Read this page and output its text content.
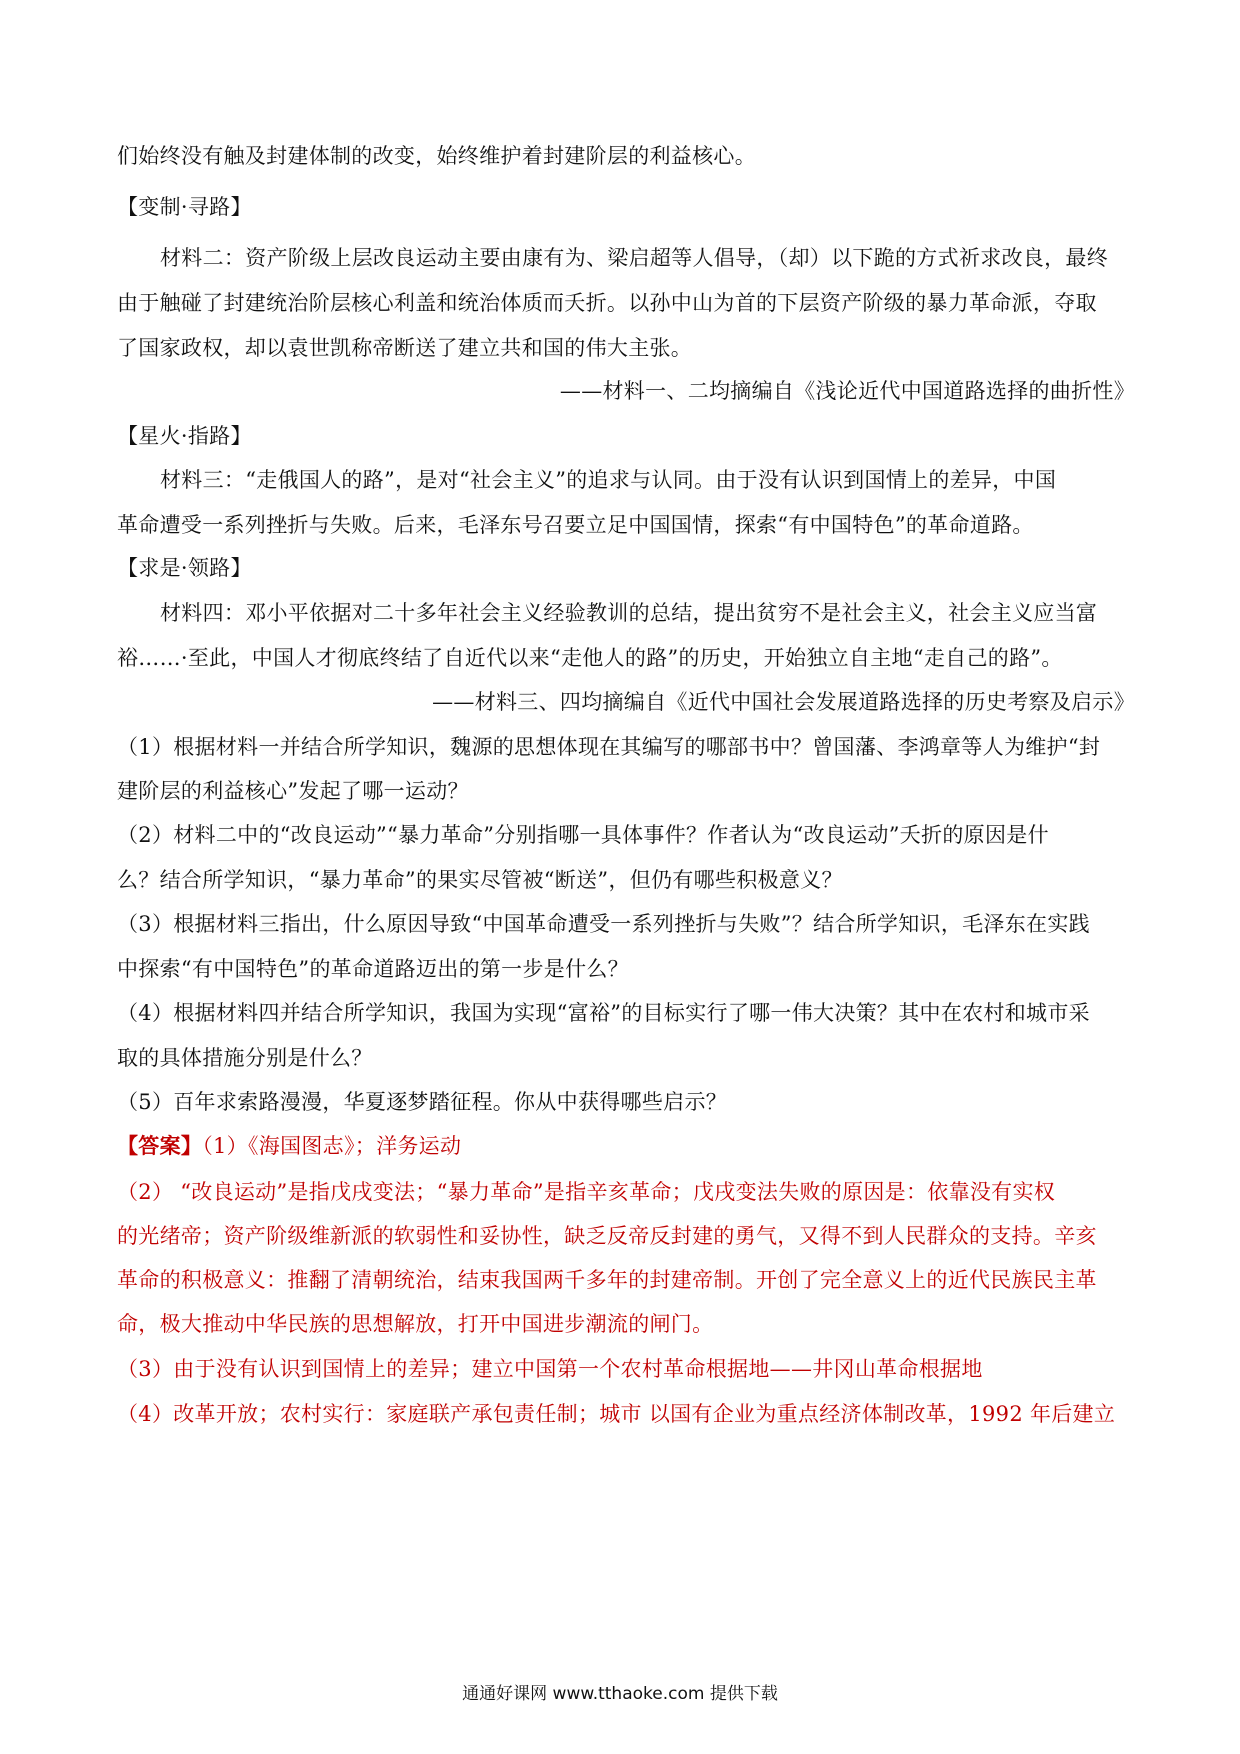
们始终没有触及封建体制的改变，始终维护着封建阶层的利益核心。
【变制·寻路】
材料二：资产阶级上层改良运动主要由康有为、梁启超等人倡导，（却）以下跪的方式祈求改良，最终
由于触碰了封建统治阶层核心利盖和统治体质而夭折。以孙中山为首的下层资产阶级的暴力革命派，夺取
了国家政权，却以袁世凯称帝断送了建立共和国的伟大主张。
——材料一、二均摘编自《浅论近代中国道路选择的曲折性》
【星火·指路】
材料三：“走俄国人的路”，是对“社会主义”的追求与认同。由于没有认识到国情上的差异，中国
革命遭受一系列挫折与失败。后来，毛泽东号召要立足中国国情，探索“有中国特色”的革命道路。
【求是·领路】
材料四：邓小平依据对二十多年社会主义经验教训的总结，提出贫穷不是社会主义，社会主义应当富
裕……·至此，中国人才彻底终结了自近代以来“走他人的路”的历史，开始独立自主地“走自己的路”。
——材料三、四均摘编自《近代中国社会发展道路选择的历史考察及启示》
（1）根据材料一并结合所学知识，魏源的思想体现在其编写的哪部书中？曾国藩、李鸿章等人为维护“封
建阶层的利益核心”发起了哪一运动？
（2）材料二中的“改良运动”“暴力革命”分别指哪一具体事件？作者认为“改良运动”夭折的原因是什
么？结合所学知识，“暴力革命”的果实尽管被“断送”，但仍有哪些积极意义？
（3）根据材料三指出，什么原因导致“中国革命遭受一系列挫折与失败”？结合所学知识，毛泽东在实践
中探索“有中国特色”的革命道路迈出的第一步是什么？
（4）根据材料四并结合所学知识，我国为实现“富裕”的目标实行了哪一伟大决策？其中在农村和城市采
取的具体措施分别是什么？
（5）百年求索路漫漫，华夏逐梦踏征程。你从中获得哪些启示？
【答案】（1）《海国图志》；洋务运动
（2） “改良运动”是指戊戌变法；“暴力革命”是指辛亥革命；戊戌变法失败的原因是：依靠没有实权
的光绪帝；资产阶级维新派的软弱性和妥协性，缺乏反帝反封建的勇气，又得不到人民群众的支持。辛亥
革命的积极意义：推翻了清朝统治，结束我国两千多年的封建帝制。开创了完全意义上的近代民族民主革
命，极大推动中华民族的思想解放，打开中国进步潮流的闸门。
（3）由于没有认识到国情上的差异；建立中国第一个农村革命根据地——井冈山革命根据地
（4）改革开放；农村实行：家庭联产承包责任制；城市 以国有企业为重点经济体制改革，1992 年后建立
通通好课网 www.tthaoke.com 提供下载
